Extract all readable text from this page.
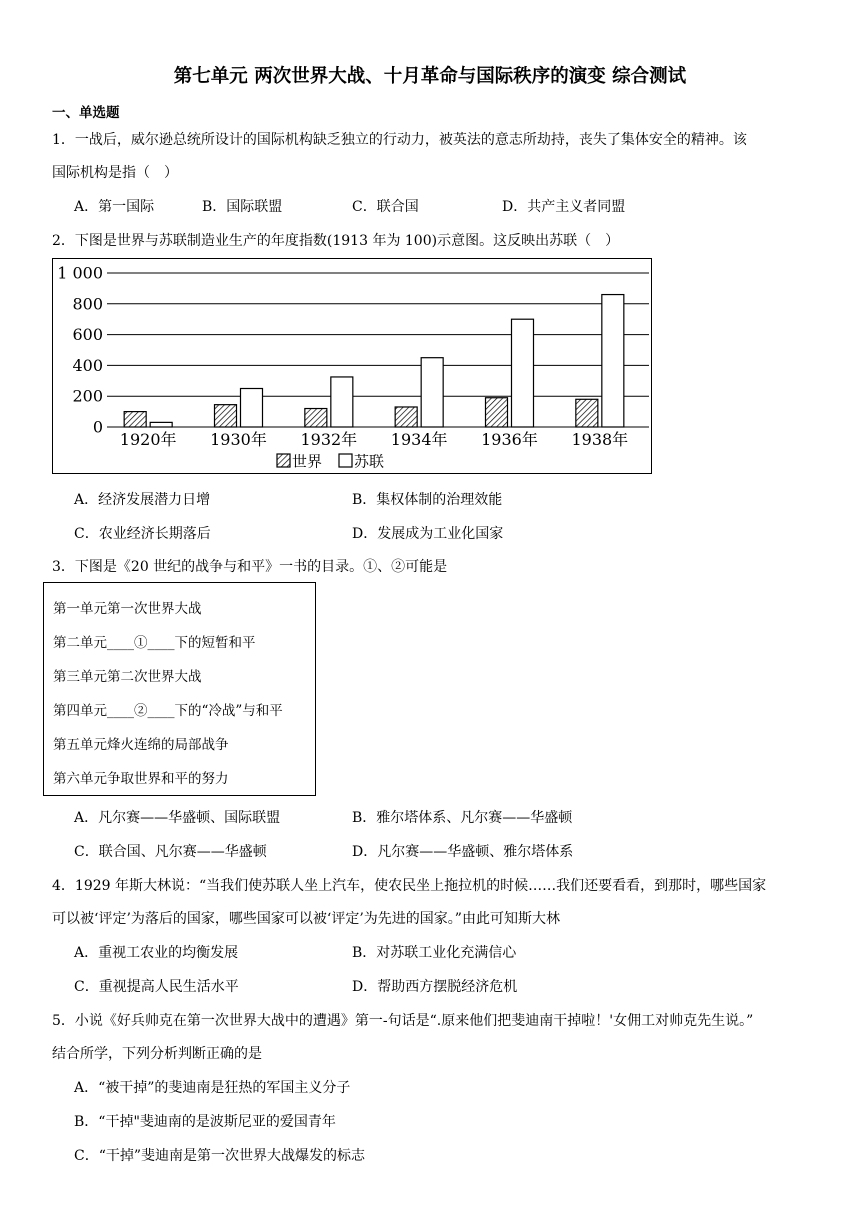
第七单元 两次世界大战、十月革命与国际秩序的演变 综合测试
一、单选题
1．一战后，威尔逊总统所设计的国际机构缺乏独立的行动力，被英法的意志所劫持，丧失了集体安全的精神。该
国际机构是指（　）
A．第一国际	B．国际联盟	C．联合国	D．共产主义者同盟
2．下图是世界与苏联制造业生产的年度指数(1913 年为 100)示意图。这反映出苏联（　）
0
200
400
600
800
1 000
1920年 1930年 1932年 1934年 1936年 1938年
世界 苏联
A．经济发展潜力日增	B．集权体制的治理效能
C．农业经济长期落后	D．发展成为工业化国家
3．下图是《20 世纪的战争与和平》一书的目录。①、②可能是
第一单元第一次世界大战
第二单元____①____下的短暂和平
第三单元第二次世界大战
第四单元____②____下的“冷战”与和平
第五单元烽火连绵的局部战争
第六单元争取世界和平的努力
A．凡尔赛——华盛顿、国际联盟	B．雅尔塔体系、凡尔赛——华盛顿
C．联合国、凡尔赛——华盛顿	D．凡尔赛——华盛顿、雅尔塔体系
4．1929 年斯大林说：“当我们使苏联人坐上汽车，使农民坐上拖拉机的时候……我们还要看看，到那时，哪些国家
可以被‘评定’为落后的国家，哪些国家可以被‘评定’为先进的国家。”由此可知斯大林
A．重视工农业的均衡发展	B．对苏联工业化充满信心
C．重视提高人民生活水平	D．帮助西方摆脱经济危机
5．小说《好兵帅克在第一次世界大战中的遭遇》第一-句话是“.原来他们把斐迪南干掉啦！'女佣工对帅克先生说。”
结合所学，下列分析判断正确的是
A．“被干掉”的斐迪南是狂热的军国主义分子
B．“干掉"斐迪南的是波斯尼亚的爱国青年
C．“干掉”斐迪南是第一次世界大战爆发的标志
